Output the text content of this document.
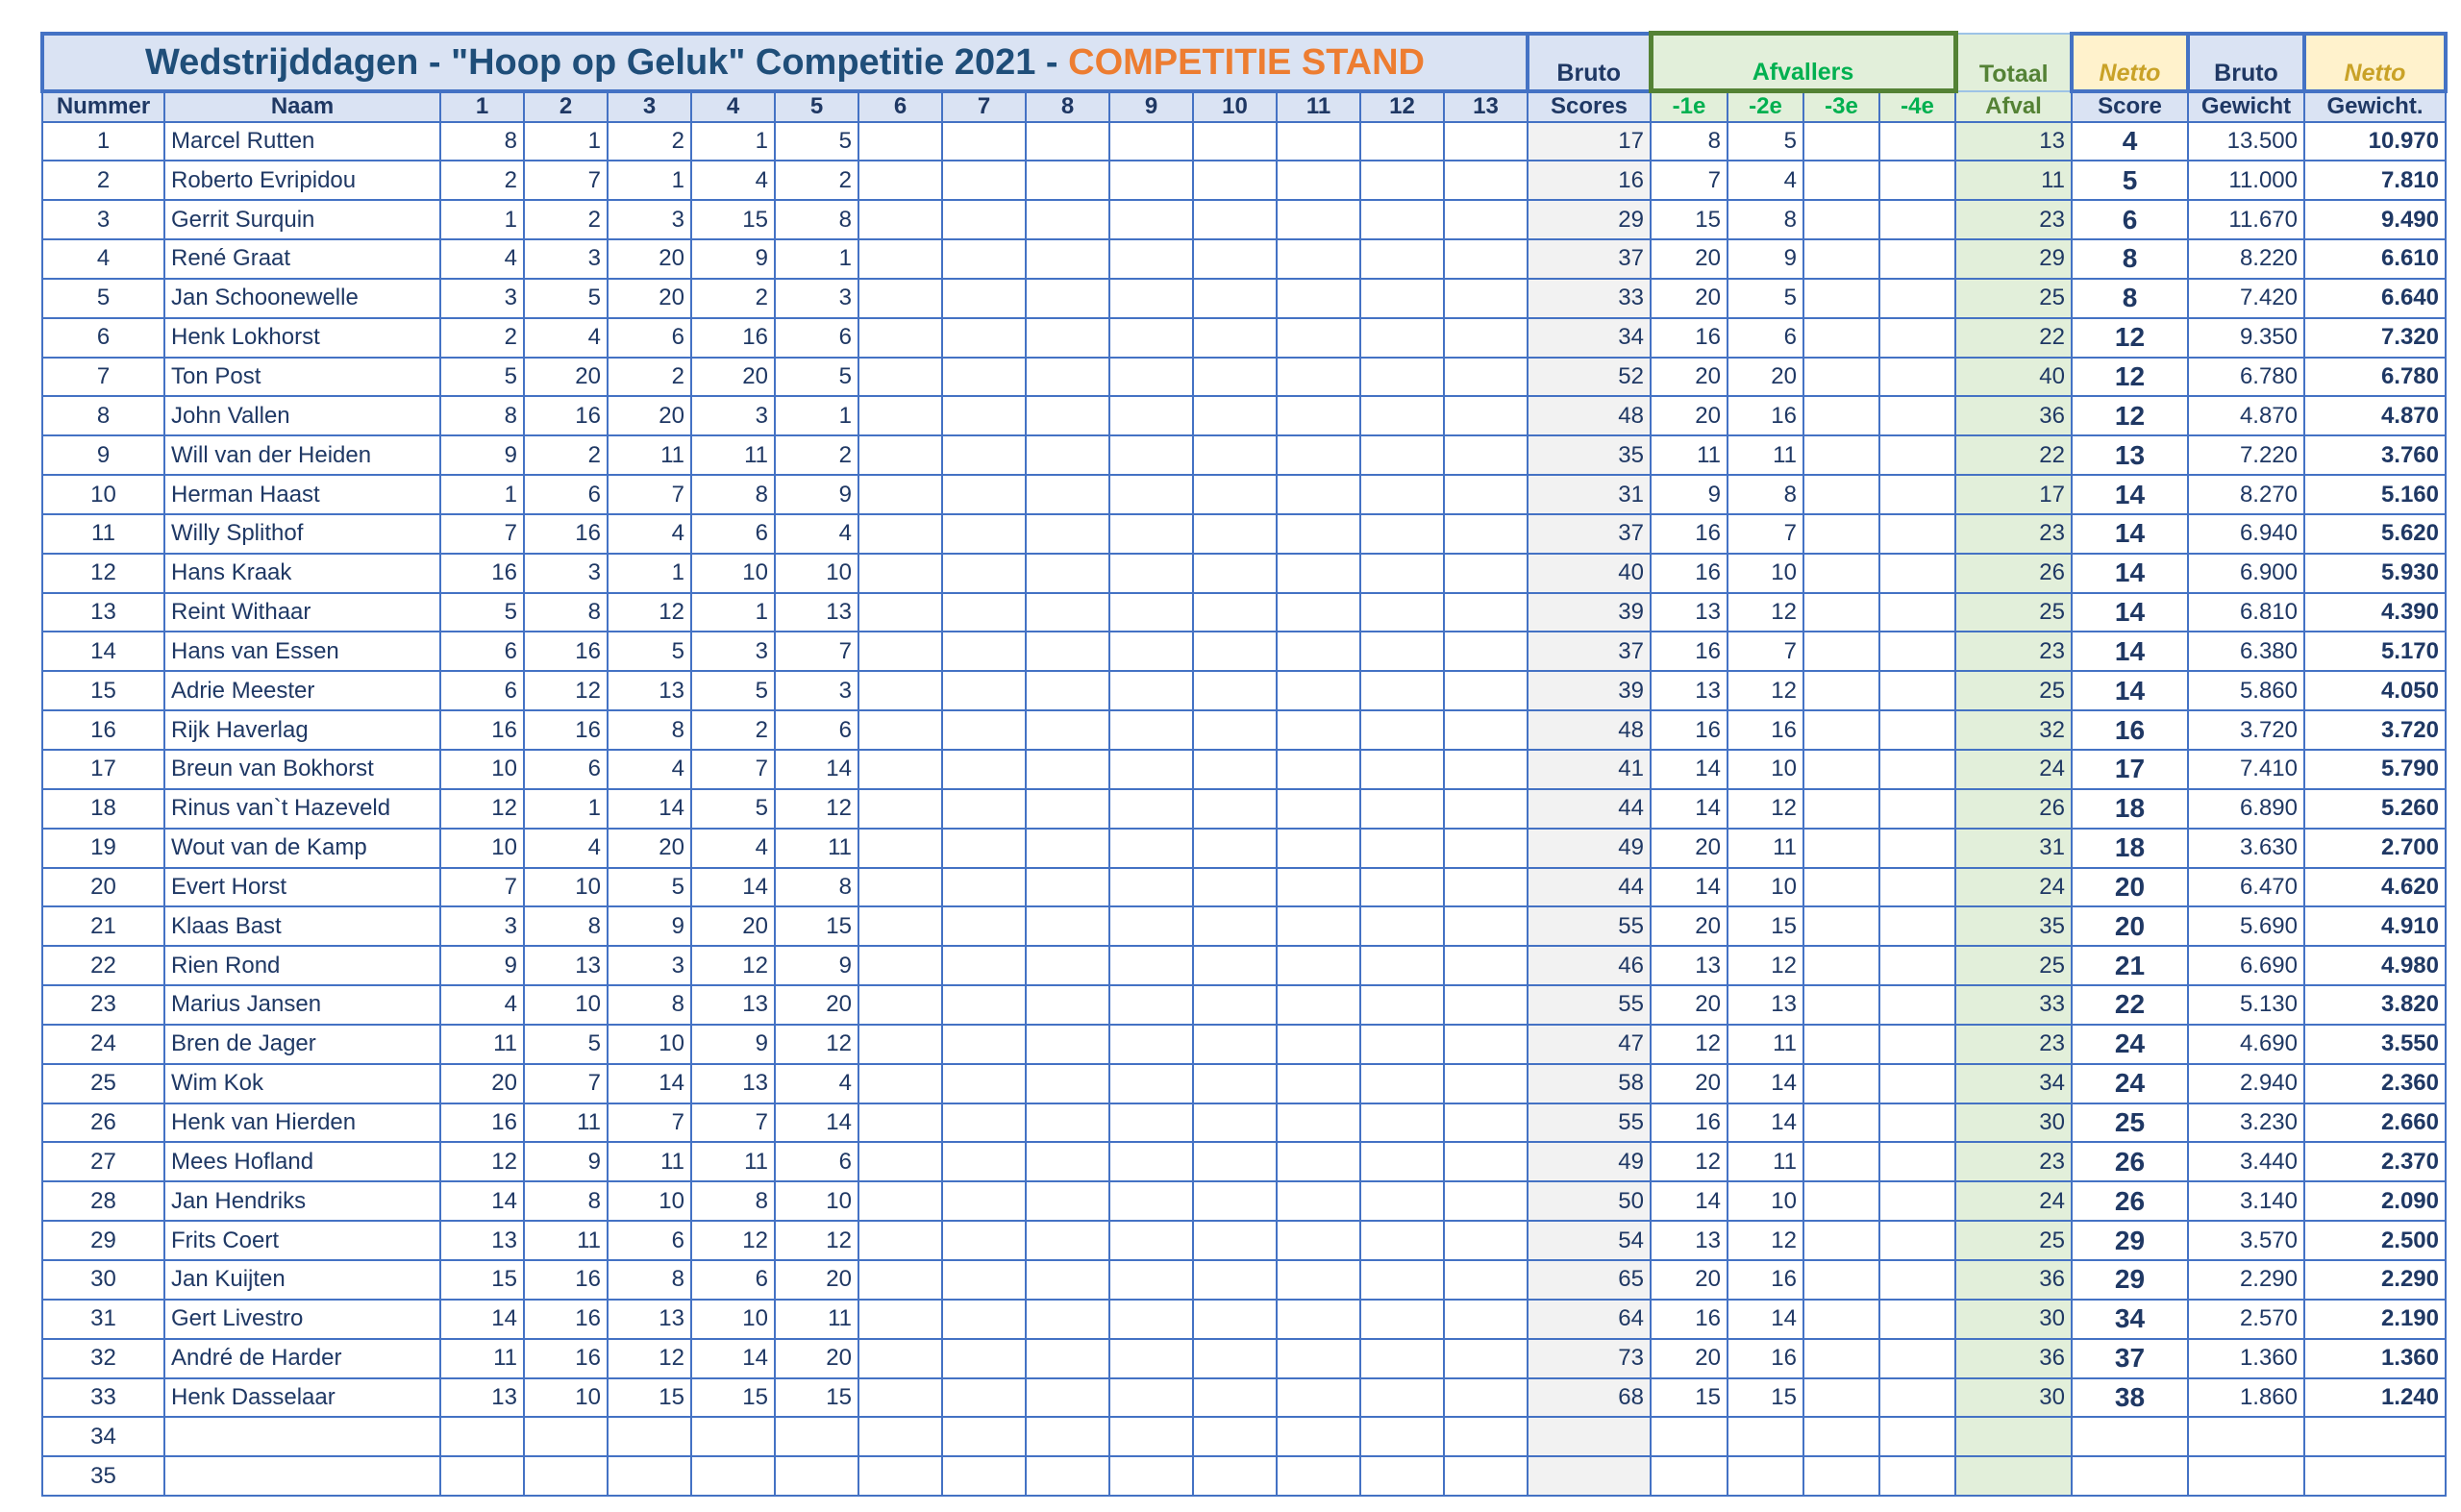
Wedstrijddagen - "Hoop op Geluk" Competitie 2021 - COMPETITIE STAND															Bruto	Afvallers				Totaal	Netto	Bruto	Netto
Nummer	Naam	1	2	3	4	5	6	7	8	9	10	11	12	13	Scores	-1e	-2e	-3e	-4e	Afval	Score	Gewicht	Gewicht.
1	Marcel Rutten	8	1	2	1	5									17	8	5			13	4	13.500	10.970
2	Roberto Evripidou	2	7	1	4	2									16	7	4			11	5	11.000	7.810
3	Gerrit Surquin	1	2	3	15	8									29	15	8			23	6	11.670	9.490
4	René Graat	4	3	20	9	1									37	20	9			29	8	8.220	6.610
5	Jan Schoonewelle	3	5	20	2	3									33	20	5			25	8	7.420	6.640
6	Henk Lokhorst	2	4	6	16	6									34	16	6			22	12	9.350	7.320
7	Ton Post	5	20	2	20	5									52	20	20			40	12	6.780	6.780
8	John Vallen	8	16	20	3	1									48	20	16			36	12	4.870	4.870
9	Will van der Heiden	9	2	11	11	2									35	11	11			22	13	7.220	3.760
10	Herman Haast	1	6	7	8	9									31	9	8			17	14	8.270	5.160
11	Willy Splithof	7	16	4	6	4									37	16	7			23	14	6.940	5.620
12	Hans Kraak	16	3	1	10	10									40	16	10			26	14	6.900	5.930
13	Reint Withaar	5	8	12	1	13									39	13	12			25	14	6.810	4.390
14	Hans van Essen	6	16	5	3	7									37	16	7			23	14	6.380	5.170
15	Adrie Meester	6	12	13	5	3									39	13	12			25	14	5.860	4.050
16	Rijk Haverlag	16	16	8	2	6									48	16	16			32	16	3.720	3.720
17	Breun van Bokhorst	10	6	4	7	14									41	14	10			24	17	7.410	5.790
18	Rinus van`t Hazeveld	12	1	14	5	12									44	14	12			26	18	6.890	5.260
19	Wout van de Kamp	10	4	20	4	11									49	20	11			31	18	3.630	2.700
20	Evert Horst	7	10	5	14	8									44	14	10			24	20	6.470	4.620
21	Klaas Bast	3	8	9	20	15									55	20	15			35	20	5.690	4.910
22	Rien Rond	9	13	3	12	9									46	13	12			25	21	6.690	4.980
23	Marius Jansen	4	10	8	13	20									55	20	13			33	22	5.130	3.820
24	Bren de Jager	11	5	10	9	12									47	12	11			23	24	4.690	3.550
25	Wim Kok	20	7	14	13	4									58	20	14			34	24	2.940	2.360
26	Henk van Hierden	16	11	7	7	14									55	16	14			30	25	3.230	2.660
27	Mees Hofland	12	9	11	11	6									49	12	11			23	26	3.440	2.370
28	Jan Hendriks	14	8	10	8	10									50	14	10			24	26	3.140	2.090
29	Frits Coert	13	11	6	12	12									54	13	12			25	29	3.570	2.500
30	Jan Kuijten	15	16	8	6	20									65	20	16			36	29	2.290	2.290
31	Gert Livestro	14	16	13	10	11									64	16	14			30	34	2.570	2.190
32	André de Harder	11	16	12	14	20									73	20	16			36	37	1.360	1.360
33	Henk Dasselaar	13	10	15	15	15									68	15	15			30	38	1.860	1.240
34																							
35																							
